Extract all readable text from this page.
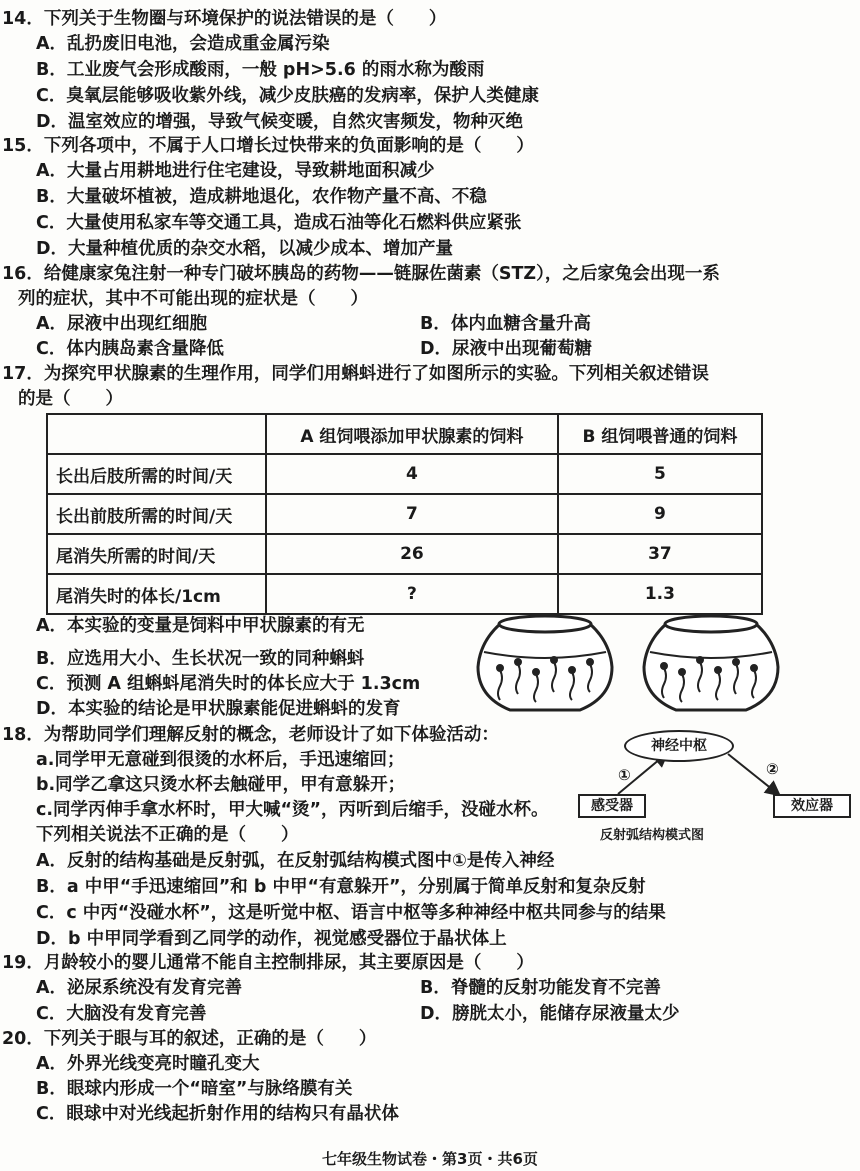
14．下列关于生物圈与环境保护的说法错误的是（　　）
A．乱扔废旧电池，会造成重金属污染
B．工业废气会形成酸雨，一般 pH>5.6 的雨水称为酸雨
C．臭氧层能够吸收紫外线，减少皮肤癌的发病率，保护人类健康
D．温室效应的增强，导致气候变暖，自然灾害频发，物种灭绝
15．下列各项中，不属于人口增长过快带来的负面影响的是（　　）
A．大量占用耕地进行住宅建设，导致耕地面积减少
B．大量破坏植被，造成耕地退化，农作物产量不高、不稳
C．大量使用私家车等交通工具，造成石油等化石燃料供应紧张
D．大量种植优质的杂交水稻，以减少成本、增加产量
16．给健康家兔注射一种专门破坏胰岛的药物——链脲佐菌素（STZ），之后家兔会出现一系
列的症状，其中不可能出现的症状是（　　）
A．尿液中出现红细胞	B．体内血糖含量升高
C．体内胰岛素含量降低	D．尿液中出现葡萄糖
17．为探究甲状腺素的生理作用，同学们用蝌蚪进行了如图所示的实验。下列相关叙述错误
的是（　　）
	A 组饲喂添加甲状腺素的饲料	B 组饲喂普通的饲料
长出后肢所需的时间/天	4	5
长出前肢所需的时间/天	7	9
尾消失所需的时间/天	26	37
尾消失时的体长/1cm	?	1.3
A．本实验的变量是饲料中甲状腺素的有无
B．应选用大小、生长状况一致的同种蝌蚪
C．预测 A 组蝌蚪尾消失时的体长应大于 1.3cm
D．本实验的结论是甲状腺素能促进蝌蚪的发育
18．为帮助同学们理解反射的概念，老师设计了如下体验活动：
a.同学甲无意碰到很烫的水杯后，手迅速缩回；
b.同学乙拿这只烫水杯去触碰甲，甲有意躲开；
c.同学丙伸手拿水杯时，甲大喊“烫”，丙听到后缩手，没碰水杯。
下列相关说法不正确的是（　　）
A．反射的结构基础是反射弧，在反射弧结构模式图中①是传入神经
B．a 中甲“手迅速缩回”和 b 中甲“有意躲开”，分别属于简单反射和复杂反射
C．c 中丙“没碰水杯”，这是听觉中枢、语言中枢等多种神经中枢共同参与的结果
D．b 中甲同学看到乙同学的动作，视觉感受器位于晶状体上
神经中枢
①	②
感受器	效应器
反射弧结构模式图
19．月龄较小的婴儿通常不能自主控制排尿，其主要原因是（　　）
A．泌尿系统没有发育完善	B．脊髓的反射功能发育不完善
C．大脑没有发育完善	D．膀胱太小，能储存尿液量太少
20．下列关于眼与耳的叙述，正确的是（　　）
A．外界光线变亮时瞳孔变大
B．眼球内形成一个“暗室”与脉络膜有关
C．眼球中对光线起折射作用的结构只有晶状体
七年级生物试卷・第3页・共6页
